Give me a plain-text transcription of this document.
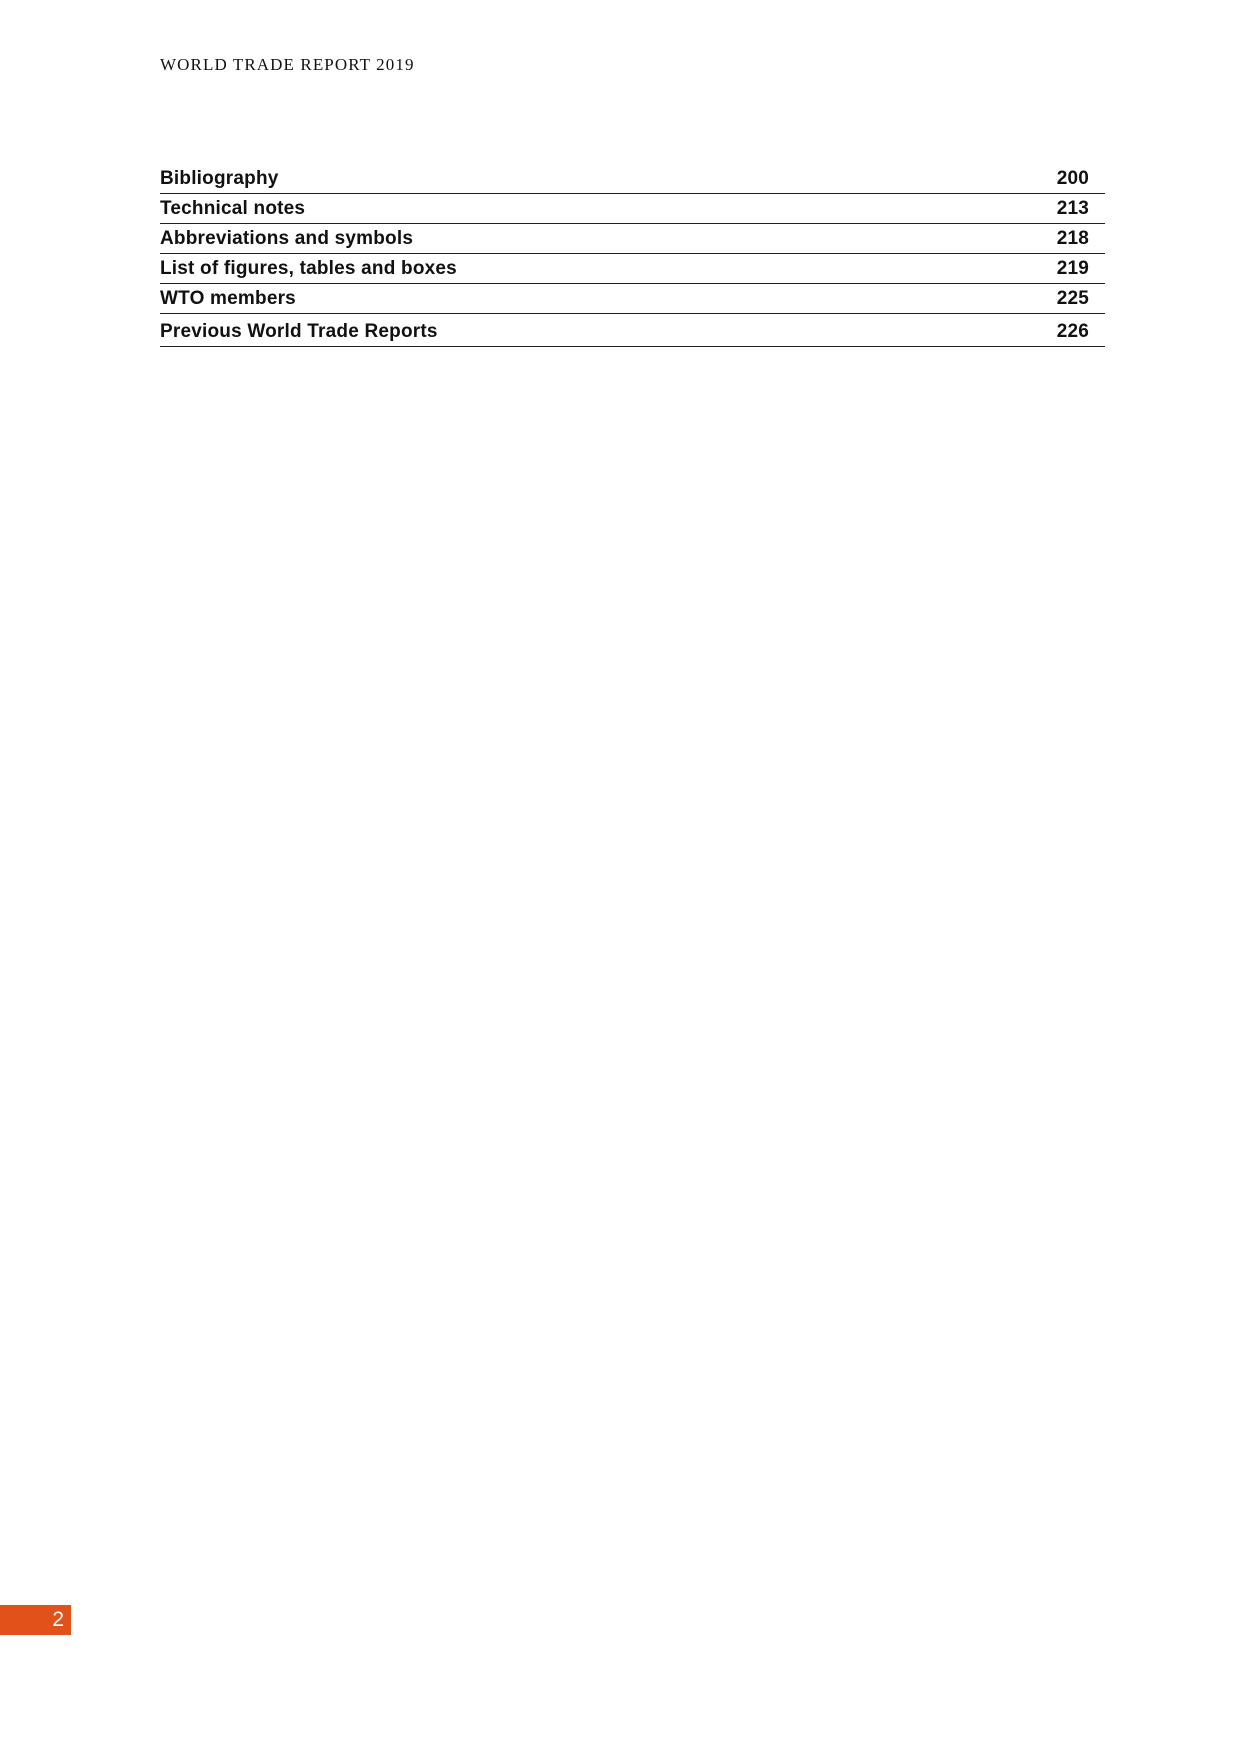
WORLD TRADE REPORT 2019
Bibliography	200
Technical notes	213
Abbreviations and symbols	218
List of figures, tables and boxes	219
WTO members	225
Previous World Trade Reports	226
2
